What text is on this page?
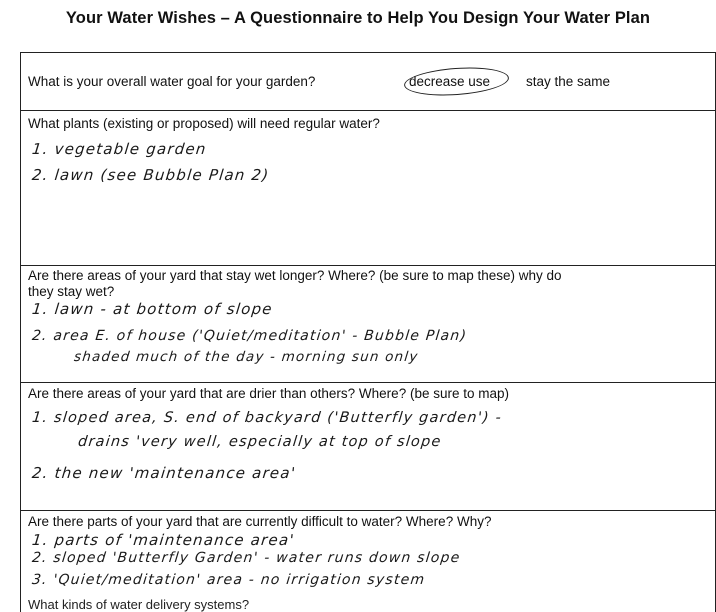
Your Water Wishes – A Questionnaire to Help You Design Your Water Plan
What is your overall water goal for your garden?	decrease use	stay the same
What plants (existing or proposed) will need regular water?
1. vegetable garden
2. lawn (see Bubble Plan 2)
Are there areas of your yard that stay wet longer? Where? (be sure to map these) why do
they stay wet?
1. lawn - at bottom of slope
2. area E. of house ('Quiet/meditation' - Bubble Plan)
shaded much of the day - morning sun only
Are there areas of your yard that are drier than others? Where? (be sure to map)
1. sloped area, S. end of backyard ('Butterfly garden') -
drains 'very well, especially at top of slope
2. the new 'maintenance area'
Are there parts of your yard that are currently difficult to water? Where? Why?
1. parts of 'maintenance area'
2. sloped 'Butterfly Garden' - water runs down slope
3. 'Quiet/meditation' area - no irrigation system
What kinds of water delivery systems?
